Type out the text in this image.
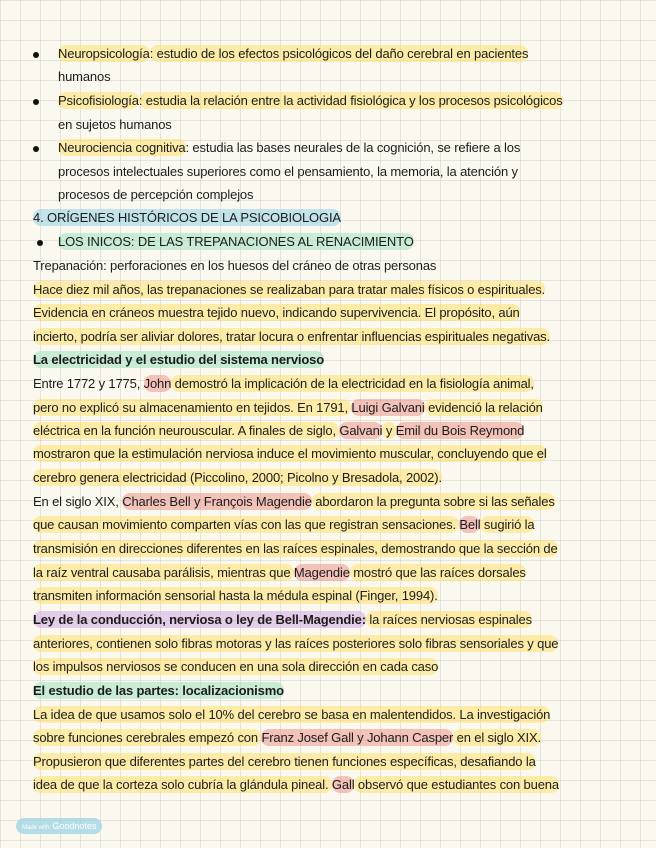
Neuropsicología: estudio de los efectos psicológicos del daño cerebral en pacientes
humanos
Psicofisiología: estudia la relación entre la actividad fisiológica y los procesos psicológicos
en sujetos humanos
Neurociencia cognitiva: estudia las bases neurales de la cognición, se refiere a los
procesos intelectuales superiores como el pensamiento, la memoria, la atención y
procesos de percepción complejos
4. ORÍGENES HISTÓRICOS DE LA PSICOBIOLOGIA
LOS INICOS: DE LAS TREPANACIONES AL RENACIMIENTO
Trepanación: perforaciones en los huesos del cráneo de otras personas
Hace diez mil años, las trepanaciones se realizaban para tratar males físicos o espirituales.
Evidencia en cráneos muestra tejido nuevo, indicando supervivencia. El propósito, aún
incierto, podría ser aliviar dolores, tratar locura o enfrentar influencias espirituales negativas.
La electricidad y el estudio del sistema nervioso
Entre 1772 y 1775, John demostró la implicación de la electricidad en la fisiología animal,
pero no explicó su almacenamiento en tejidos. En 1791, Luigi Galvani evidenció la relación
eléctrica en la función neurouscular. A finales de siglo, Galvani y Emil du Bois Reymond
mostraron que la estimulación nerviosa induce el movimiento muscular, concluyendo que el
cerebro genera electricidad (Piccolino, 2000; Picolno y Bresadola, 2002).
En el siglo XIX, Charles Bell y François Magendie abordaron la pregunta sobre si las señales
que causan movimiento comparten vías con las que registran sensaciones. Bell sugirió la
transmisión en direcciones diferentes en las raíces espinales, demostrando que la sección de
la raíz ventral causaba parálisis, mientras que Magendie mostró que las raíces dorsales
transmiten información sensorial hasta la médula espinal (Finger, 1994).
Ley de la conducción, nerviosa o ley de Bell-Magendie: la raíces nerviosas espinales
anteriores, contienen solo fibras motoras y las raíces posteriores solo fibras sensoriales y que
los impulsos nerviosos se conducen en una sola dirección en cada caso
El estudio de las partes: localizacionismo
La idea de que usamos solo el 10% del cerebro se basa en malentendidos. La investigación
sobre funciones cerebrales empezó con Franz Josef Gall y Johann Casper en el siglo XIX.
Propusieron que diferentes partes del cerebro tienen funciones específicas, desafiando la
idea de que la corteza solo cubría la glándula pineal. Gall observó que estudiantes con buena
Made with Goodnotes
